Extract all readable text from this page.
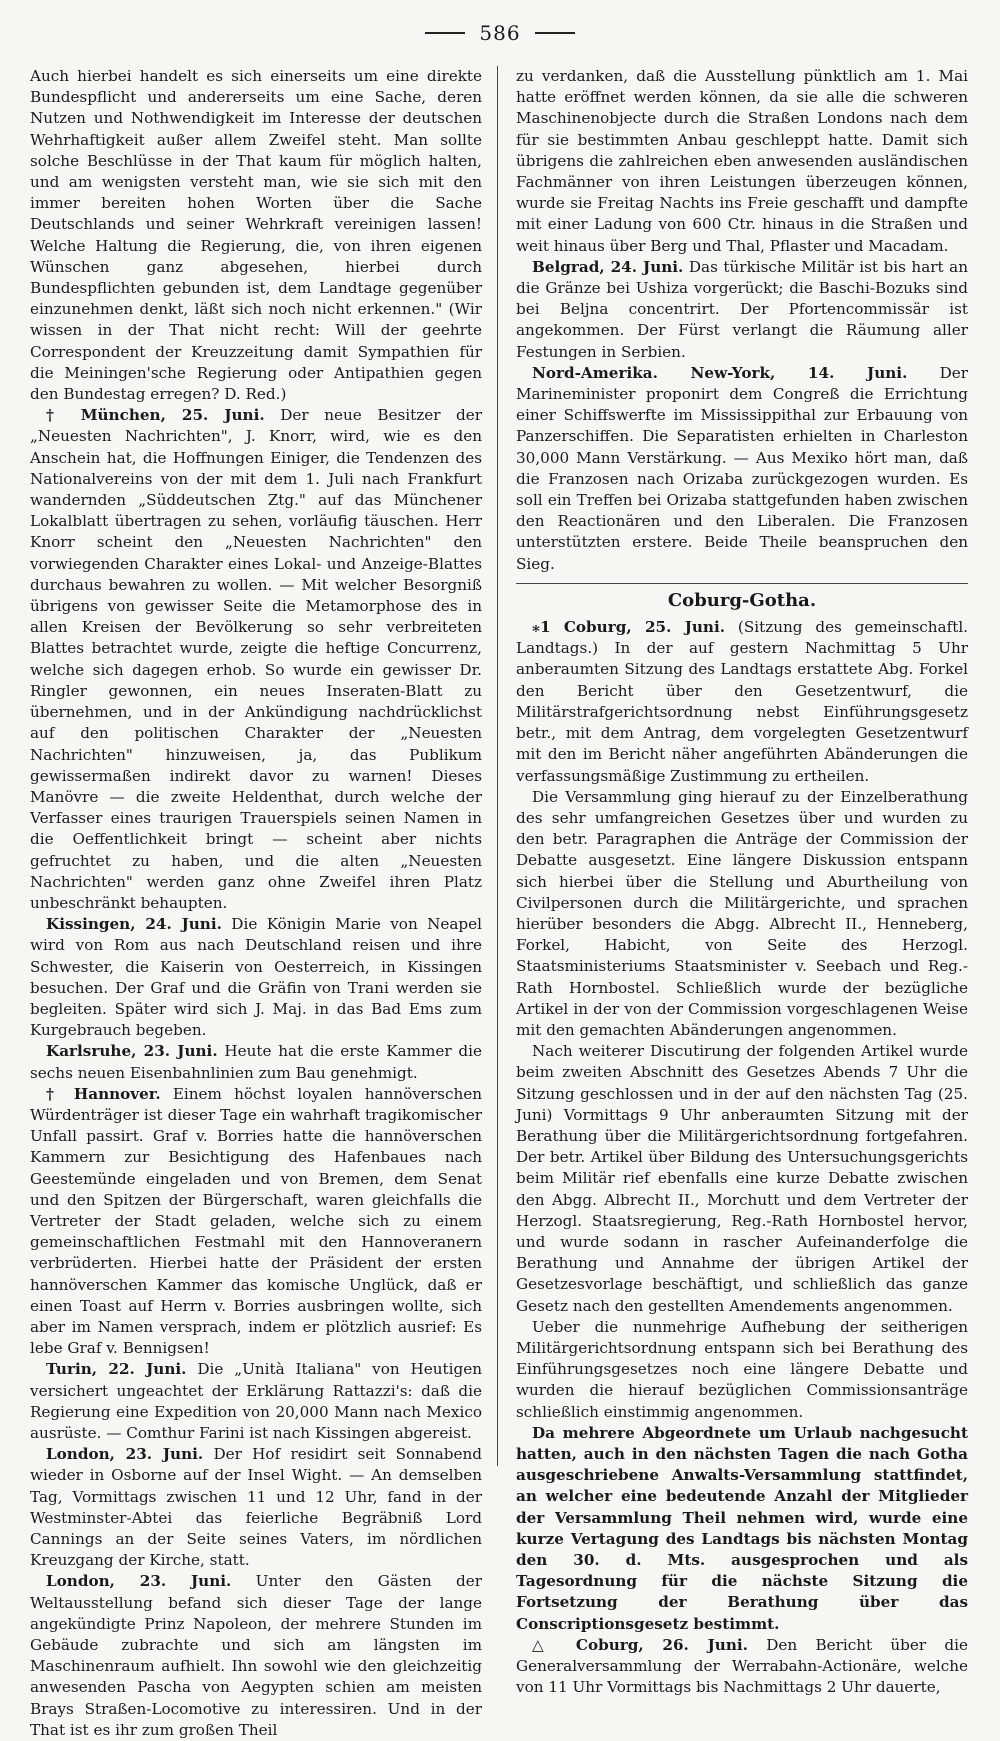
586

Auch hierbei handelt es sich einerseits um eine direkte Bundespflicht und andererseits um eine Sache, deren Nutzen und Nothwendigkeit im Interesse der deutschen Wehrhaftigkeit außer allem Zweifel steht. Man sollte solche Beschlüsse in der That kaum für möglich halten, und am wenigsten versteht man, wie sie sich mit den immer bereiten hohen Worten über die Sache Deutschlands und seiner Wehrkraft vereinigen lassen! Welche Haltung die Regierung, die, von ihren eigenen Wünschen ganz abgesehen, hierbei durch Bundespflichten gebunden ist, dem Landtage gegenüber einzunehmen denkt, läßt sich noch nicht erkennen." (Wir wissen in der That nicht recht: Will der geehrte Correspondent der Kreuzzeitung damit Sympathien für die Meiningen'sche Regierung oder Antipathien gegen den Bundestag erregen? D. Red.)

† München, 25. Juni. Der neue Besitzer der „Neuesten Nachrichten", J. Knorr, wird, wie es den Anschein hat, die Hoffnungen Einiger, die Tendenzen des Nationalvereins von der mit dem 1. Juli nach Frankfurt wandernden „Süddeutschen Ztg." auf das Münchener Lokalblatt übertragen zu sehen, vorläufig täuschen. Herr Knorr scheint den „Neuesten Nachrichten" den vorwiegenden Charakter eines Lokal- und Anzeige-Blattes durchaus bewahren zu wollen. — Mit welcher Besorgniß übrigens von gewisser Seite die Metamorphose des in allen Kreisen der Bevölkerung so sehr verbreiteten Blattes betrachtet wurde, zeigte die heftige Concurrenz, welche sich dagegen erhob. So wurde ein gewisser Dr. Ringler gewonnen, ein neues Inseraten-Blatt zu übernehmen, und in der Ankündigung nachdrücklichst auf den politischen Charakter der „Neuesten Nachrichten" hinzuweisen, ja, das Publikum gewissermaßen indirekt davor zu warnen! Dieses Manövre — die zweite Heldenthat, durch welche der Verfasser eines traurigen Trauerspiels seinen Namen in die Oeffentlichkeit bringt — scheint aber nichts gefruchtet zu haben, und die alten „Neuesten Nachrichten" werden ganz ohne Zweifel ihren Platz unbeschränkt behaupten.

Kissingen, 24. Juni. Die Königin Marie von Neapel wird von Rom aus nach Deutschland reisen und ihre Schwester, die Kaiserin von Oesterreich, in Kissingen besuchen. Der Graf und die Gräfin von Trani werden sie begleiten. Später wird sich J. Maj. in das Bad Ems zum Kurgebrauch begeben.

Karlsruhe, 23. Juni. Heute hat die erste Kammer die sechs neuen Eisenbahnlinien zum Bau genehmigt.

† Hannover. Einem höchst loyalen hannöverschen Würdenträger ist dieser Tage ein wahrhaft tragikomischer Unfall passirt. Graf v. Borries hatte die hannöverschen Kammern zur Besichtigung des Hafenbaues nach Geestemünde eingeladen und von Bremen, dem Senat und den Spitzen der Bürgerschaft, waren gleichfalls die Vertreter der Stadt geladen, welche sich zu einem gemeinschaftlichen Festmahl mit den Hannoveranern verbrüderten. Hierbei hatte der Präsident der ersten hannöverschen Kammer das komische Unglück, daß er einen Toast auf Herrn v. Borries ausbringen wollte, sich aber im Namen versprach, indem er plötzlich ausrief: Es lebe Graf v. Bennigsen!

Turin, 22. Juni. Die „Unità Italiana" von Heutigen versichert ungeachtet der Erklärung Rattazzi's: daß die Regierung eine Expedition von 20,000 Mann nach Mexico ausrüste. — Comthur Farini ist nach Kissingen abgereist.

London, 23. Juni. Der Hof residirt seit Sonnabend wieder in Osborne auf der Insel Wight. — An demselben Tag, Vormittags zwischen 11 und 12 Uhr, fand in der Westminster-Abtei das feierliche Begräbniß Lord Cannings an der Seite seines Vaters, im nördlichen Kreuzgang der Kirche, statt.

London, 23. Juni. Unter den Gästen der Weltausstellung befand sich dieser Tage der lange angekündigte Prinz Napoleon, der mehrere Stunden im Gebäude zubrachte und sich am längsten im Maschinenraum aufhielt. Ihn sowohl wie den gleichzeitig anwesenden Pascha von Aegypten schien am meisten Brays Straßen-Locomotive zu interessiren. Und in der That ist es ihr zum großen Theil

zu verdanken, daß die Ausstellung pünktlich am 1. Mai hatte eröffnet werden können, da sie alle die schweren Maschinenobjecte durch die Straßen Londons nach dem für sie bestimmten Anbau geschleppt hatte. Damit sich übrigens die zahlreichen eben anwesenden ausländischen Fachmänner von ihren Leistungen überzeugen können, wurde sie Freitag Nachts ins Freie geschafft und dampfte mit einer Ladung von 600 Ctr. hinaus in die Straßen und weit hinaus über Berg und Thal, Pflaster und Macadam.

Belgrad, 24. Juni. Das türkische Militär ist bis hart an die Gränze bei Ushiza vorgerückt; die Baschi-Bozuks sind bei Beljna concentrirt. Der Pfortencommissär ist angekommen. Der Fürst verlangt die Räumung aller Festungen in Serbien.

Nord-Amerika. New-York, 14. Juni. Der Marineminister proponirt dem Congreß die Errichtung einer Schiffswerfte im Mississippithal zur Erbauung von Panzerschiffen. Die Separatisten erhielten in Charleston 30,000 Mann Verstärkung. — Aus Mexiko hört man, daß die Franzosen nach Orizaba zurückgezogen wurden. Es soll ein Treffen bei Orizaba stattgefunden haben zwischen den Reactionären und den Liberalen. Die Franzosen unterstützten erstere. Beide Theile beanspruchen den Sieg.

Coburg-Gotha.

⁎1 Coburg, 25. Juni. (Sitzung des gemeinschaftl. Landtags.) In der auf gestern Nachmittag 5 Uhr anberaumten Sitzung des Landtags erstattete Abg. Forkel den Bericht über den Gesetzentwurf, die Militärstrafgerichtsordnung nebst Einführungsgesetz betr., mit dem Antrag, dem vorgelegten Gesetzentwurf mit den im Bericht näher angeführten Abänderungen die verfassungsmäßige Zustimmung zu ertheilen.

Die Versammlung ging hierauf zu der Einzelberathung des sehr umfangreichen Gesetzes über und wurden zu den betr. Paragraphen die Anträge der Commission der Debatte ausgesetzt. Eine längere Diskussion entspann sich hierbei über die Stellung und Aburtheilung von Civilpersonen durch die Militärgerichte, und sprachen hierüber besonders die Abgg. Albrecht II., Henneberg, Forkel, Habicht, von Seite des Herzogl. Staatsministeriums Staatsminister v. Seebach und Reg.-Rath Hornbostel. Schließlich wurde der bezügliche Artikel in der von der Commission vorgeschlagenen Weise mit den gemachten Abänderungen angenommen.

Nach weiterer Discutirung der folgenden Artikel wurde beim zweiten Abschnitt des Gesetzes Abends 7 Uhr die Sitzung geschlossen und in der auf den nächsten Tag (25. Juni) Vormittags 9 Uhr anberaumten Sitzung mit der Berathung über die Militärgerichtsordnung fortgefahren. Der betr. Artikel über Bildung des Untersuchungsgerichts beim Militär rief ebenfalls eine kurze Debatte zwischen den Abgg. Albrecht II., Morchutt und dem Vertreter der Herzogl. Staatsregierung, Reg.-Rath Hornbostel hervor, und wurde sodann in rascher Aufeinanderfolge die Berathung und Annahme der übrigen Artikel der Gesetzesvorlage beschäftigt, und schließlich das ganze Gesetz nach den gestellten Amendements angenommen.

Ueber die nunmehrige Aufhebung der seitherigen Militärgerichtsordnung entspann sich bei Berathung des Einführungsgesetzes noch eine längere Debatte und wurden die hierauf bezüglichen Commissionsanträge schließlich einstimmig angenommen.

Da mehrere Abgeordnete um Urlaub nachgesucht hatten, auch in den nächsten Tagen die nach Gotha ausgeschriebene Anwalts-Versammlung stattfindet, an welcher eine bedeutende Anzahl der Mitglieder der Versammlung Theil nehmen wird, wurde eine kurze Vertagung des Landtags bis nächsten Montag den 30. d. Mts. ausgesprochen und als Tagesordnung für die nächste Sitzung die Fortsetzung der Berathung über das Conscriptionsgesetz bestimmt.

△ Coburg, 26. Juni. Den Bericht über die Generalversammlung der Werrabahn-Actionäre, welche von 11 Uhr Vormittags bis Nachmittags 2 Uhr dauerte,
